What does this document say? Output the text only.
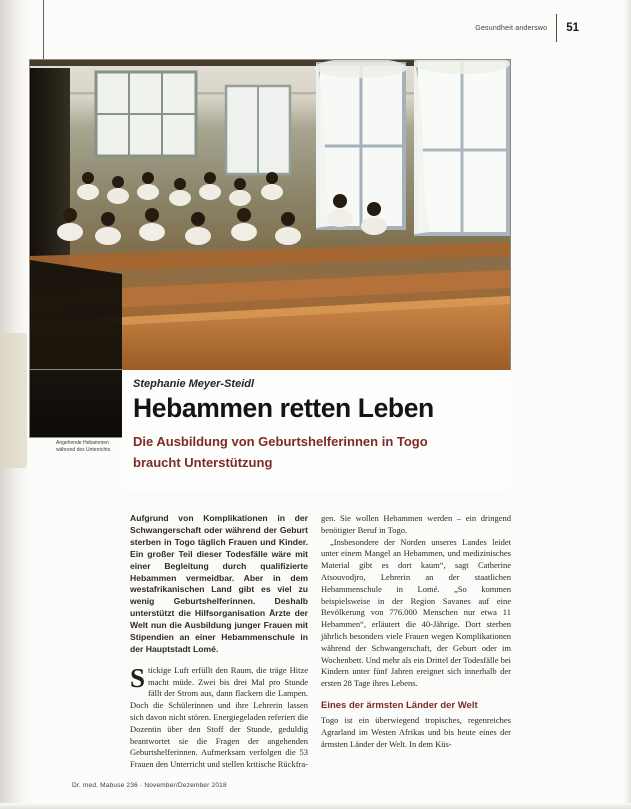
Gesundheit anderswo 51
Angehende Hebammen
während des Unterrichts
Stephanie Meyer-Steidl
Hebammen retten Leben
Die Ausbildung von Geburtshelferinnen in Togo
braucht Unterstützung

Aufgrund von Komplikationen in der Schwangerschaft oder während der Geburt sterben in Togo täglich Frauen und Kinder. Ein großer Teil dieser Todesfälle wäre mit einer Begleitung durch qualifizierte Hebammen vermeidbar. Aber in dem westafrikanischen Land gibt es viel zu wenig Geburtshelferinnen. Deshalb unterstützt die Hilfsorganisation Ärzte der Welt nun die Ausbildung junger Frauen mit Stipendien an einer Hebammenschule in der Hauptstadt Lomé.

Stickige Luft erfüllt den Raum, die träge Hitze macht müde. Zwei bis drei Mal pro Stunde fällt der Strom aus, dann flackern die Lampen. Doch die Schülerinnen und ihre Lehrerin lassen sich davon nicht stören. Energiegeladen referiert die Dozentin über den Stoff der Stunde, geduldig beantwortet sie die Fragen der angehenden Geburtshelferinnen. Aufmerksam verfolgen die 53 Frauen den Unterricht und stellen kritische Rückfra-

gen. Sie wollen Hebammen werden – ein dringend benötigter Beruf in Togo.

„Insbesondere der Norden unseres Landes leidet unter einem Mangel an Hebammen, und medizinisches Material gibt es dort kaum“, sagt Catherine Atsouvodjro, Lehrerin an der staatlichen Hebammenschule in Lomé. „So kommen beispielsweise in der Region Savanes auf eine Bevölkerung von 776.000 Menschen nur etwa 11 Hebammen“, erläutert die 40-Jährige. Dort sterben jährlich besonders viele Frauen wegen Komplikationen während der Schwangerschaft, der Geburt oder im Wochenbett. Und mehr als ein Drittel der Todesfälle bei Kindern unter fünf Jahren ereignet sich innerhalb der ersten 28 Tage ihres Lebens.

Eines der ärmsten Länder der Welt

Togo ist ein überwiegend tropisches, regenreiches Agrarland im Westen Afrikas und bis heute eines der ärmsten Länder der Welt. In dem Küs-

Dr. med. Mabuse 236 · November/Dezember 2018
